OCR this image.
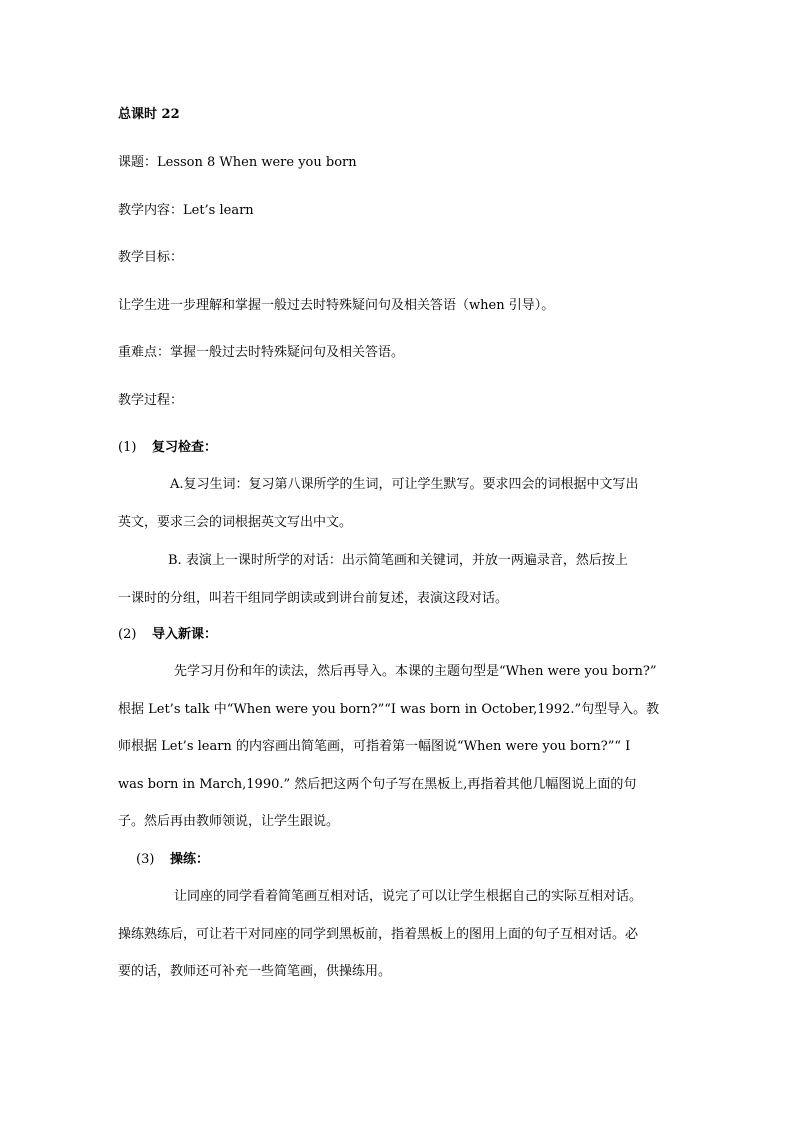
总课时 22

课题：Lesson 8 When were you born

教学内容：Let’s learn

教学目标：

让学生进一步理解和掌握一般过去时特殊疑问句及相关答语（when 引导）。

重难点：掌握一般过去时特殊疑问句及相关答语。

教学过程：

(1) 复习检查：

A.复习生词：复习第八课所学的生词，可让学生默写。要求四会的词根据中文写出

英文，要求三会的词根据英文写出中文。

B. 表演上一课时所学的对话：出示简笔画和关键词，并放一两遍录音，然后按上

一课时的分组，叫若干组同学朗读或到讲台前复述，表演这段对话。

(2) 导入新课：

先学习月份和年的读法，然后再导入。本课的主题句型是“When were you born?”

根据 Let’s talk 中“When were you born?”“I was born in October,1992.”句型导入。教

师根据 Let’s learn 的内容画出简笔画，可指着第一幅图说“When were you born?”“ I

was born in March,1990.” 然后把这两个句子写在黑板上,再指着其他几幅图说上面的句

子。然后再由教师领说，让学生跟说。

(3) 操练：

让同座的同学看着简笔画互相对话，说完了可以让学生根据自己的实际互相对话。

操练熟练后，可让若干对同座的同学到黑板前，指着黑板上的图用上面的句子互相对话。必

要的话，教师还可补充一些简笔画，供操练用。
